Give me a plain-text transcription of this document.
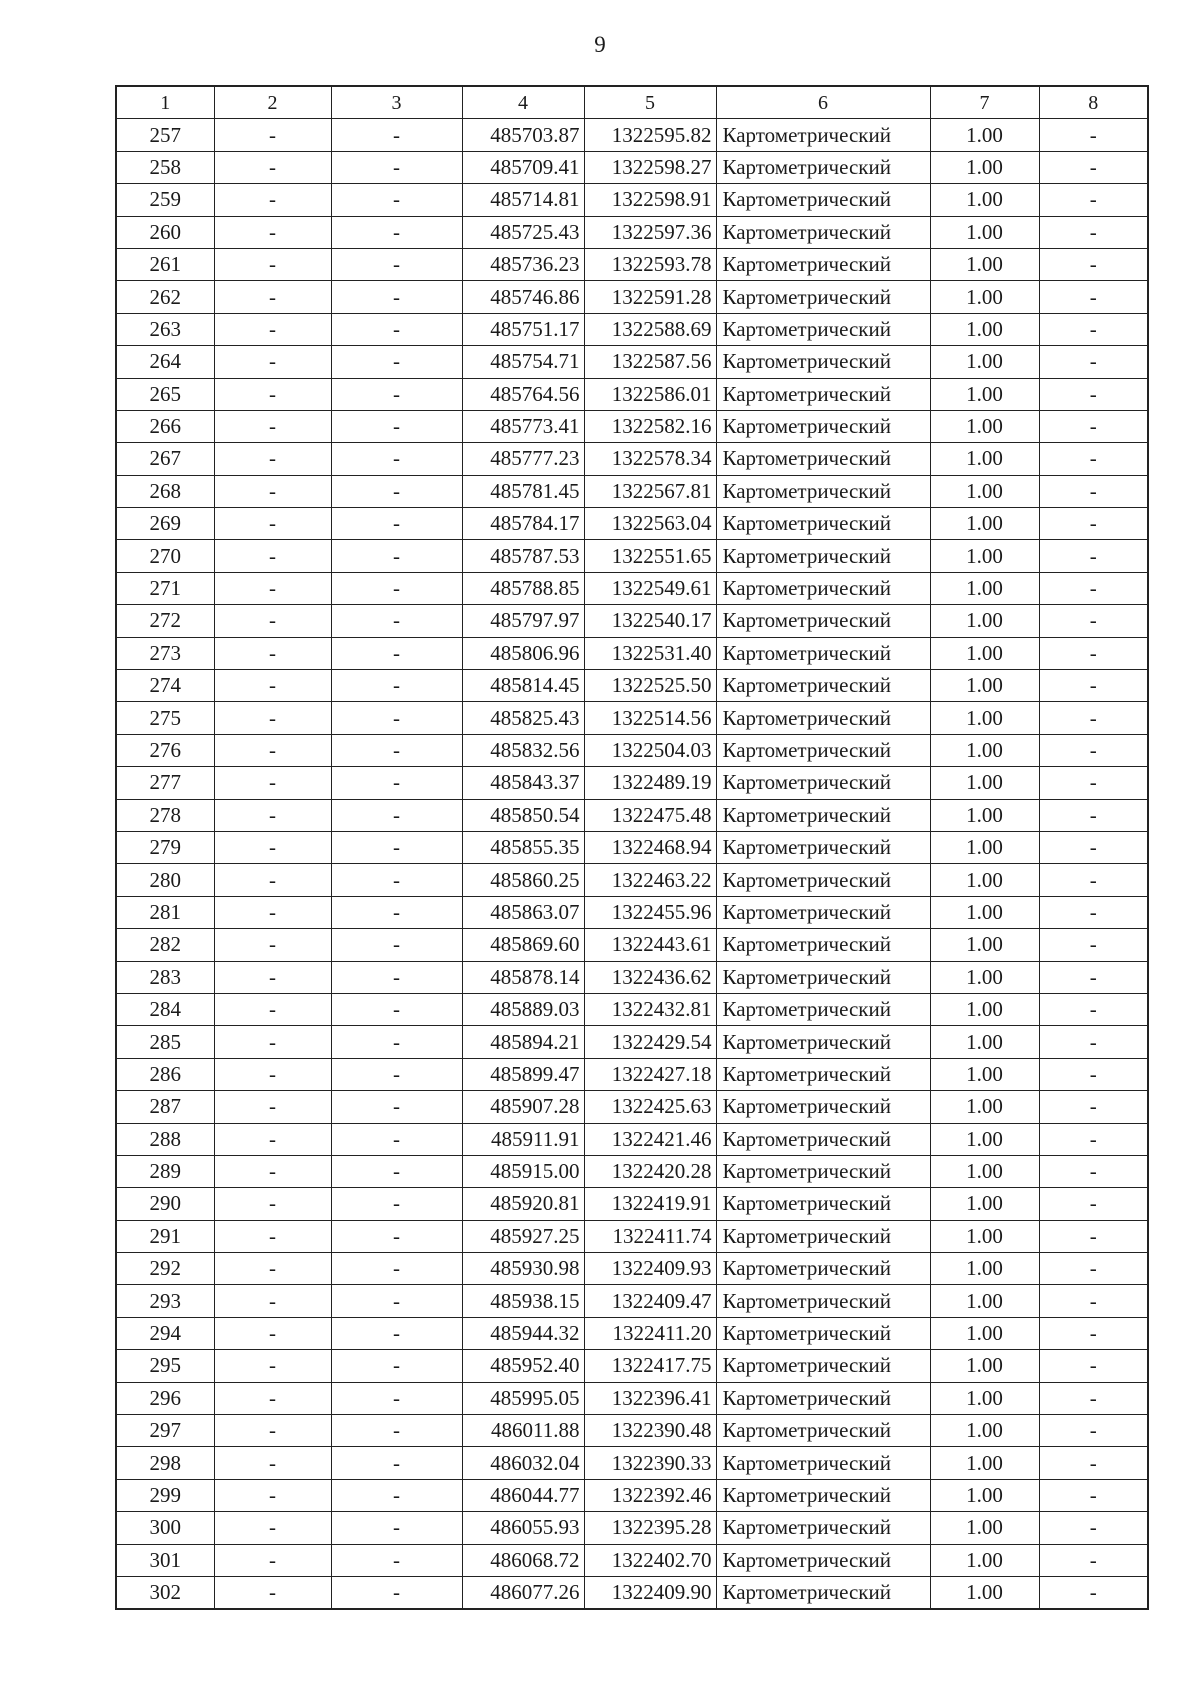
9
1	2	3	4	5	6	7	8
257	-	-	485703.87	1322595.82	Картометрический	1.00	-
258	-	-	485709.41	1322598.27	Картометрический	1.00	-
259	-	-	485714.81	1322598.91	Картометрический	1.00	-
260	-	-	485725.43	1322597.36	Картометрический	1.00	-
261	-	-	485736.23	1322593.78	Картометрический	1.00	-
262	-	-	485746.86	1322591.28	Картометрический	1.00	-
263	-	-	485751.17	1322588.69	Картометрический	1.00	-
264	-	-	485754.71	1322587.56	Картометрический	1.00	-
265	-	-	485764.56	1322586.01	Картометрический	1.00	-
266	-	-	485773.41	1322582.16	Картометрический	1.00	-
267	-	-	485777.23	1322578.34	Картометрический	1.00	-
268	-	-	485781.45	1322567.81	Картометрический	1.00	-
269	-	-	485784.17	1322563.04	Картометрический	1.00	-
270	-	-	485787.53	1322551.65	Картометрический	1.00	-
271	-	-	485788.85	1322549.61	Картометрический	1.00	-
272	-	-	485797.97	1322540.17	Картометрический	1.00	-
273	-	-	485806.96	1322531.40	Картометрический	1.00	-
274	-	-	485814.45	1322525.50	Картометрический	1.00	-
275	-	-	485825.43	1322514.56	Картометрический	1.00	-
276	-	-	485832.56	1322504.03	Картометрический	1.00	-
277	-	-	485843.37	1322489.19	Картометрический	1.00	-
278	-	-	485850.54	1322475.48	Картометрический	1.00	-
279	-	-	485855.35	1322468.94	Картометрический	1.00	-
280	-	-	485860.25	1322463.22	Картометрический	1.00	-
281	-	-	485863.07	1322455.96	Картометрический	1.00	-
282	-	-	485869.60	1322443.61	Картометрический	1.00	-
283	-	-	485878.14	1322436.62	Картометрический	1.00	-
284	-	-	485889.03	1322432.81	Картометрический	1.00	-
285	-	-	485894.21	1322429.54	Картометрический	1.00	-
286	-	-	485899.47	1322427.18	Картометрический	1.00	-
287	-	-	485907.28	1322425.63	Картометрический	1.00	-
288	-	-	485911.91	1322421.46	Картометрический	1.00	-
289	-	-	485915.00	1322420.28	Картометрический	1.00	-
290	-	-	485920.81	1322419.91	Картометрический	1.00	-
291	-	-	485927.25	1322411.74	Картометрический	1.00	-
292	-	-	485930.98	1322409.93	Картометрический	1.00	-
293	-	-	485938.15	1322409.47	Картометрический	1.00	-
294	-	-	485944.32	1322411.20	Картометрический	1.00	-
295	-	-	485952.40	1322417.75	Картометрический	1.00	-
296	-	-	485995.05	1322396.41	Картометрический	1.00	-
297	-	-	486011.88	1322390.48	Картометрический	1.00	-
298	-	-	486032.04	1322390.33	Картометрический	1.00	-
299	-	-	486044.77	1322392.46	Картометрический	1.00	-
300	-	-	486055.93	1322395.28	Картометрический	1.00	-
301	-	-	486068.72	1322402.70	Картометрический	1.00	-
302	-	-	486077.26	1322409.90	Картометрический	1.00	-
